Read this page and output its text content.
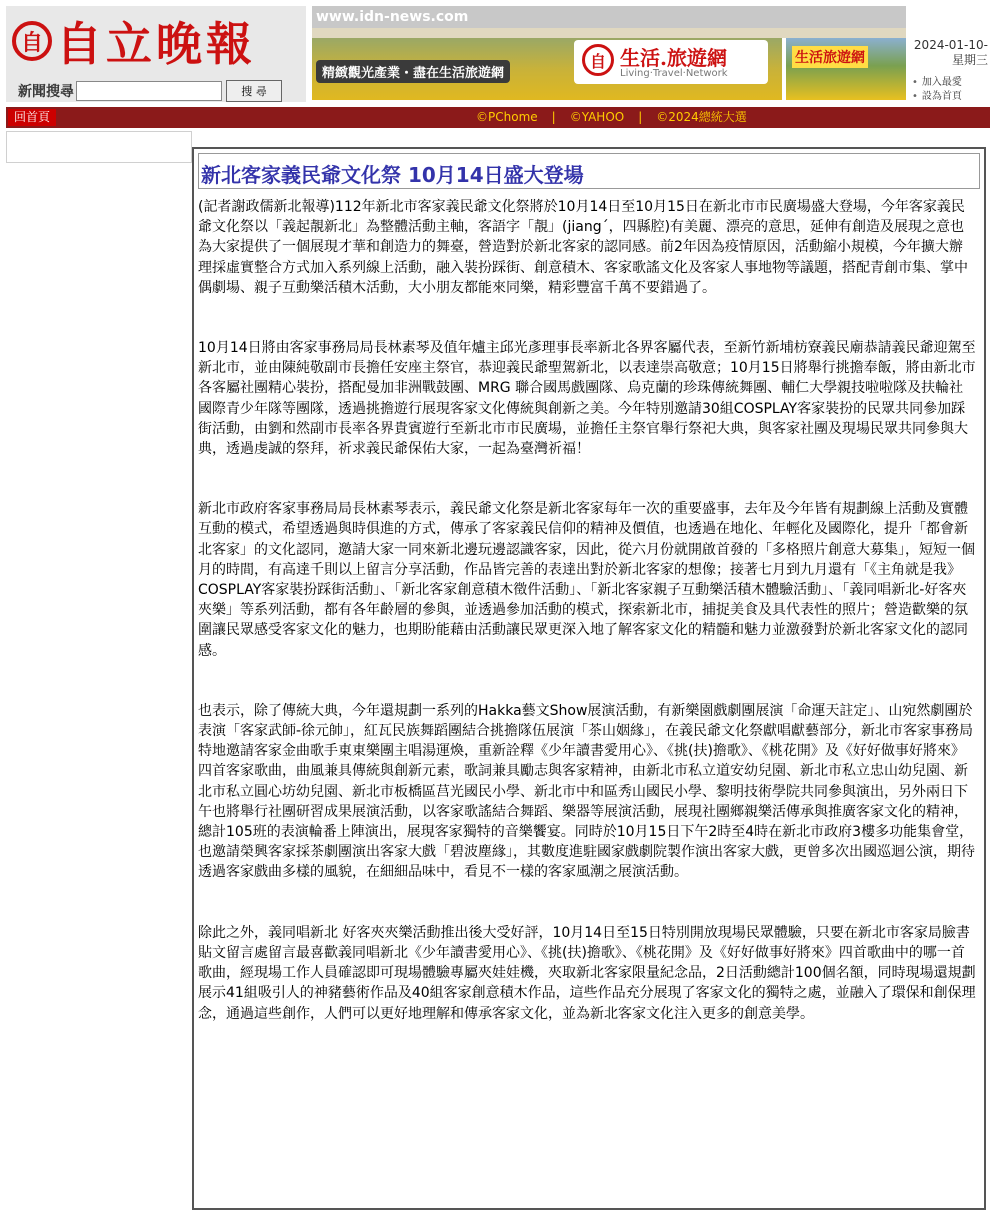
自 自立晚報
新聞搜尋	搜 尋
www.idn-news.com
精緻觀光產業・盡在生活旅遊網
自 生活.旅遊網
Living·Travel·Network
生活旅遊網
2024-01-10-
星期三
• 加入最愛
• 設為首頁
回首頁	©PChome | ©YAHOO | ©2024總統大選
新北客家義民爺文化祭 10月14日盛大登場

(記者謝政儒新北報導)112年新北市客家義民爺文化祭將於10月14日至10月15日在新北市市民廣場盛大登場，今年客家義民爺文化祭以「義起靚新北」為整體活動主軸，客語字「靚」(jiang´，四縣腔)有美麗、漂亮的意思，延伸有創造及展現之意也為大家提供了一個展現才華和創造力的舞臺，營造對於新北客家的認同感。前2年因為疫情原因，活動縮小規模，今年擴大辦理採虛實整合方式加入系列線上活動，融入裝扮踩街、創意積木、客家歌謠文化及客家人事地物等議題，搭配青創市集、掌中偶劇場、親子互動樂活積木活動，大小朋友都能來同樂，精彩豐富千萬不要錯過了。

10月14日將由客家事務局局長林素琴及值年爐主邱光彥理事長率新北各界客屬代表，至新竹新埔枋寮義民廟恭請義民爺迎駕至新北市，並由陳純敬副市長擔任安座主祭官，恭迎義民爺聖駕新北，以表達崇高敬意；10月15日將舉行挑擔奉飯，將由新北市各客屬社團精心裝扮，搭配曼加非洲戰鼓團、MRG 聯合國馬戲團隊、烏克蘭的珍珠傳統舞團、輔仁大學親技啦啦隊及扶輪社國際青少年隊等團隊，透過挑擔遊行展現客家文化傳統與創新之美。今年特別邀請30組COSPLAY客家裝扮的民眾共同參加踩街活動，由劉和然副市長率各界貴賓遊行至新北市市民廣場，並擔任主祭官舉行祭祀大典，與客家社團及現場民眾共同參與大典，透過虔誠的祭拜，祈求義民爺保佑大家，一起為臺灣祈福！

新北市政府客家事務局局長林素琴表示，義民爺文化祭是新北客家每年一次的重要盛事，去年及今年皆有規劃線上活動及實體互動的模式，希望透過與時俱進的方式，傳承了客家義民信仰的精神及價值，也透過在地化、年輕化及國際化，提升「都會新北客家」的文化認同，邀請大家一同來新北邊玩邊認識客家，因此，從六月份就開啟首發的「多格照片創意大募集」，短短一個月的時間，有高達千則以上留言分享活動，作品皆完善的表達出對於新北客家的想像；接著七月到九月還有「《主角就是我》COSPLAY客家裝扮踩街活動」、「新北客家創意積木徵件活動」、「新北客家親子互動樂活積木體驗活動」、「義同唱新北-好客夾夾樂」等系列活動，都有各年齡層的參與，並透過參加活動的模式，探索新北市，捕捉美食及具代表性的照片；營造歡樂的氛圍讓民眾感受客家文化的魅力，也期盼能藉由活動讓民眾更深入地了解客家文化的精髓和魅力並激發對於新北客家文化的認同感。

也表示，除了傳統大典，今年還規劃一系列的Hakka藝文Show展演活動，有新樂園戲劇團展演「命運天註定」、山宛然劇團於表演「客家武師-徐元帥」，紅瓦民族舞蹈團結合挑擔隊伍展演「茶山姻緣」，在義民爺文化祭獻唱獻藝部分，新北市客家事務局特地邀請客家金曲歌手東東樂團主唱湯運煥，重新詮釋《少年讀書愛用心》、《挑(扶)擔歌》、《桃花開》及《好好做事好將來》四首客家歌曲，曲風兼具傳統與創新元素，歌詞兼具勵志與客家精神，由新北市私立道安幼兒園、新北市私立忠山幼兒園、新北市私立圓心坊幼兒園、新北市板橋區莒光國民小學、新北市中和區秀山國民小學、黎明技術學院共同參與演出，另外兩日下午也將舉行社團研習成果展演活動，以客家歌謠結合舞蹈、樂器等展演活動，展現社團鄉親樂活傳承與推廣客家文化的精神，總計105班的表演輪番上陣演出，展現客家獨特的音樂饗宴。同時於10月15日下午2時至4時在新北市政府3樓多功能集會堂，也邀請榮興客家採茶劇團演出客家大戲「碧波塵緣」，其數度進駐國家戲劇院製作演出客家大戲，更曾多次出國巡迴公演，期待透過客家戲曲多樣的風貌，在細細品味中，看見不一樣的客家風潮之展演活動。

除此之外，義同唱新北 好客夾夾樂活動推出後大受好評，10月14日至15日特別開放現場民眾體驗，只要在新北市客家局臉書貼文留言處留言最喜歡義同唱新北《少年讀書愛用心》、《挑(扶)擔歌》、《桃花開》及《好好做事好將來》四首歌曲中的哪一首歌曲，經現場工作人員確認即可現場體驗專屬夾娃娃機，夾取新北客家限量紀念品，2日活動總計100個名額，同時現場還規劃展示41組吸引人的神豬藝術作品及40組客家創意積木作品，這些作品充分展現了客家文化的獨特之處，並融入了環保和創保理念，通過這些創作，人們可以更好地理解和傳承客家文化，並為新北客家文化注入更多的創意美學。
